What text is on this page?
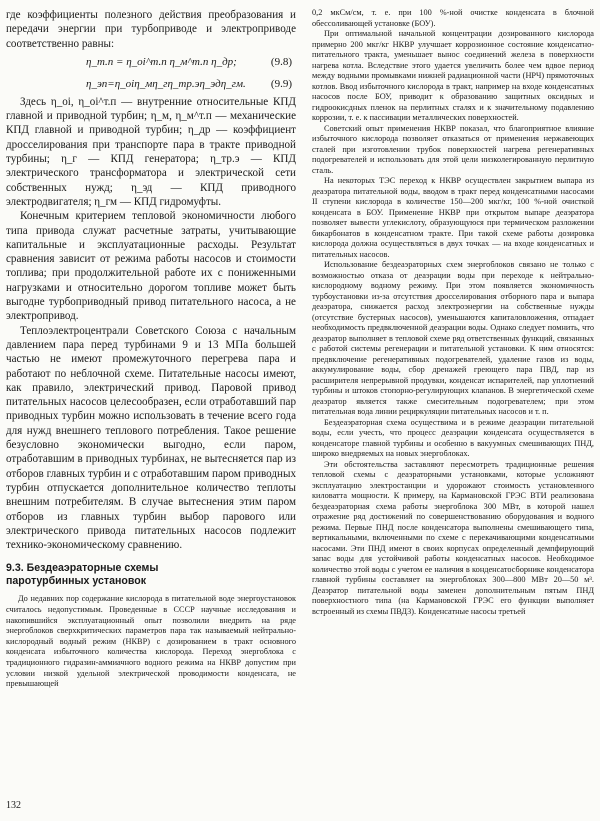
где коэффициенты полезного действия преобразования и передачи энергии при турбоприводе и электроприводе соответственно равны:

η_т.п = η_oi^т.п η_м^т.п η_др;	(9.8)
η_эп=η_oiη_мη_гη_тр.эη_эдη_гм. (9.9)

Здесь η_oi, η_oi^т.п — внутренние относительные КПД главной и приводной турбин; η_м, η_м^т.п — механические КПД главной и приводной турбин; η_др — коэффициент дросселирования при транспорте пара в тракте приводной турбины; η_г — КПД генератора; η_тр.э — КПД электрического трансформатора и электрической сети собственных нужд; η_эд — КПД приводного электродвигателя; η_гм — КПД гидромуфты.

Конечным критерием тепловой экономичности любого типа привода служат расчетные затраты, учитывающие капитальные и эксплуатационные расходы. Результат сравнения зависит от режима работы насосов и стоимости топлива; при продолжительной работе их с пониженными нагрузками и относительно дорогом топливе может быть выгодне турбоприводный привод питательного насоса, а не электропривод.

Теплоэлектроцентрали Советского Союза с начальным давлением пара перед турбинами 9 и 13 МПа большей частью не имеют промежуточного перегрева пара и работают по неблочной схеме. Питательные насосы имеют, как правило, электрический привод. Паровой привод питательных насосов целесообразен, если отработавший пар приводных турбин можно использовать в течение всего года для нужд внешнего теплового потребления. Такое решение безусловно экономически выгодно, если паром, отработавшим в приводных турбинах, не вытесняется пар из отборов главных турбин и с отработавшим паром приводных турбин отпускается дополнительное количество теплоты внешним потребителям. В случае вытеснения этим паром отборов из главных турбин выбор парового или электрического привода питательных насосов подлежит технико-экономическому сравнению.

9.3. Бездеаэраторные схемы
паротурбинных установок

До недавних пор содержание кислорода в питательной воде энергоустановок считалось недопустимым. Проведенные в СССР научные исследования и накопившийся эксплуатационный опыт позволили внедрить на ряде энергоблоков сверхкритических параметров пара так называемый нейтрально-кислородный водный режим (НКВР) с дозированием в тракт основного конденсата избыточного количества кислорода. Переход энергоблока с традиционного гидразин-аммиачного водного режима на НКВР допустим при условии низкой удельной электрической проводимости конденсата, не превышающей

0,2 мкСм/см, т. е. при 100 %-ной очистке конденсата в блочной обессоливающей установке (БОУ).

При оптимальной начальной концентрации дозированного кислорода примерно 200 мкг/кг НКВР улучшает коррозионное состояние конденсатно-питательного тракта, уменьшает вынос соединений железа в поверхности нагрева котла. Вследствие этого удается увеличить более чем вдвое период между водными промывками нижней радиационной части (НРЧ) прямоточных котлов. Ввод избыточного кислорода в тракт, например на входе конденсатных насосов после БОУ, приводит к образованию защитных оксидных и гидроокисдных пленок на перлитных сталях и к значительному подавлению коррозии, т. е. к пассивации металлических поверхностей.

Советский опыт применения НКВР показал, что благоприятное влияние избыточного кислорода позволяет отказаться от применения нержавеющих сталей при изготовлении трубок поверхностей нагрева регенеративных подогревателей и использовать для этой цели низколегированную перлитную сталь.

На некоторых ТЭС переход к НКВР осуществлен закрытием выпара из деаэратора питательной воды, вводом в тракт перед конденсатными насосами II ступени кислорода в количестве 150—200 мкг/кг, 100 %-ной очисткой конденсата в БОУ. Применение НКВР при открытом выпаре деаэратора позволяет вывести углекислоту, образующуюся при термическом разложении бикарбонатов в конденсатном тракте. При такой схеме работы дозировка кислорода должна осуществляться в двух точках — на входе конденсатных и питательных насосов.

Использование бездеаэраторных схем энергоблоков связано не только с возможностью отказа от деаэрации воды при переходе к нейтрально-кислородному водному режиму. При этом появляется экономичность турбоустановки из-за отсутствия дросселирования отборного пара и выпара деаэратора, снижается расход электроэнергии на собственные нужды (отсутствие бустерных насосов), уменьшаются капиталовложения, отпадает необходимость предвключенной деаэрации воды. Однако следует помнить, что деаэратор выполняет в тепловой схеме ряд ответственных функций, связанных с работой системы регенерации и питательной установки. К ним относятся: предвключение регенеративных подогревателей, удаление газов из воды, аккумулирование воды, сбор дренажей греющего пара ПВД, пар из расширителя непрерывной продувки, конденсат испарителей, пар уплотнений турбины и штоков стопорно-регулирующих клапанов. В энергетической схеме деаэратор является также смесительным подогревателем; при этом питательная вода линии рециркуляции питательных насосов и т. п.

Бездеаэраторная схема осуществима и в режиме деаэрации питательной воды, если учесть, что процесс деаэрации конденсата осуществляется в конденсаторе главной турбины и особенно в вакуумных смешивающих ПНД, широко внедряемых на новых энергоблоках.

Эти обстоятельства заставляют пересмотреть традиционные решения тепловой схемы с деаэраторными установками, которые усложняют эксплуатацию электростанции и удорожают стоимость установленного киловатта мощности. К примеру, на Кармановской ГРЭС ВТИ реализована бездеаэраторная схема работы энергоблока 300 МВт, в которой нашел отражение ряд достижений по совершенствованию оборудования и водного режима. Первые ПНД после конденсатора выполнены смешивающего типа, вертикальными, включенными по схеме с перекачивающими конденсатными насосами. Эти ПНД имеют в своих корпусах определенный демпфирующий запас воды для устойчивой работы конденсатных насосов. Необходимое количество этой воды с учетом ее наличия в конденсатосборнике конденсатора главной турбины составляет на энергоблоках 300—800 МВт 20—50 м³. Деаэратор питательной воды заменен дополнительным пятым ПНД поверхностного типа (на Кармановской ГРЭС его функции выполняет встроенный из схемы ПВД3). Конденсатные насосы третьей

132
